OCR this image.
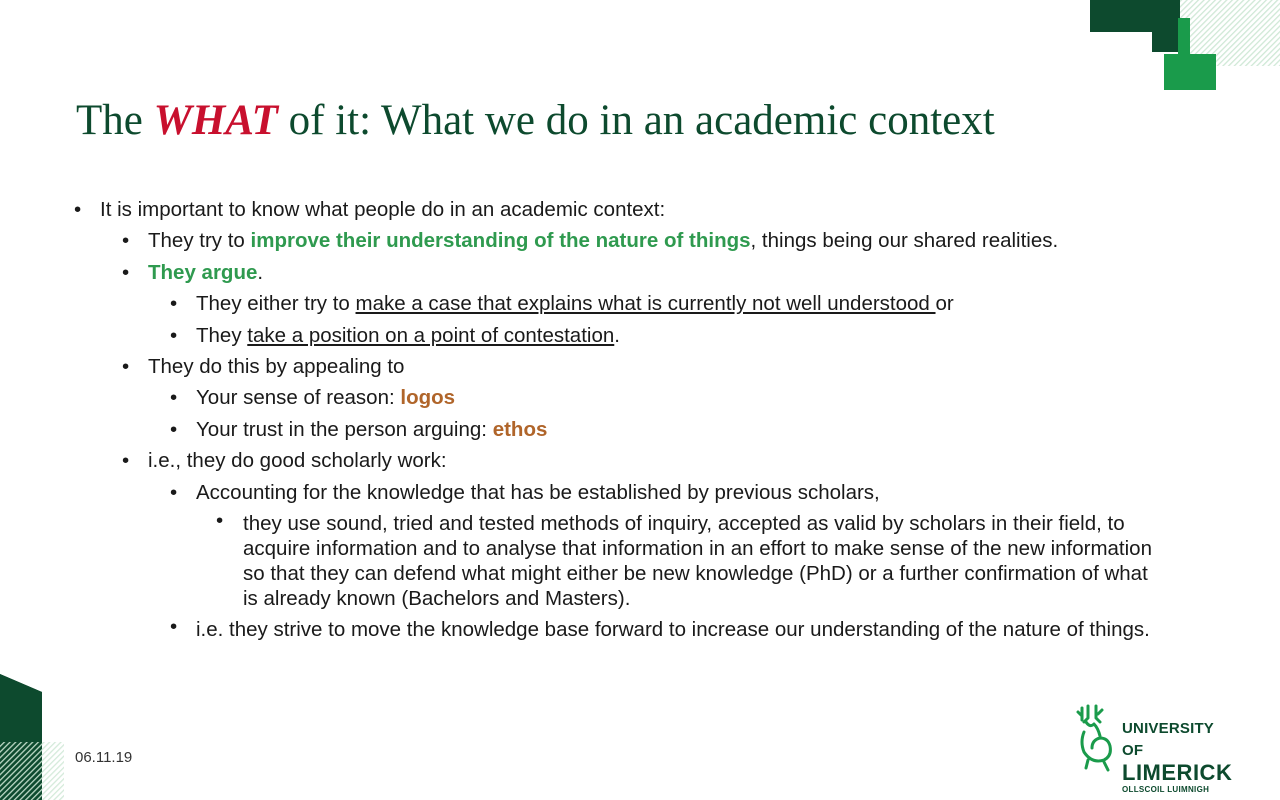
The WHAT of it: What we do in an academic context
• It is important to know what people do in an academic context:
• They try to improve their understanding of the nature of things, things being our shared realities.
• They argue.
• They either try to make a case that explains what is currently not well understood or
• They take a position on a point of contestation.
• They do this by appealing to
• Your sense of reason: logos
• Your trust in the person arguing: ethos
• i.e., they do good scholarly work:
• Accounting for the knowledge that has be established by previous scholars,
• they use sound, tried and tested methods of inquiry, accepted as valid by scholars in their field, to acquire information and to analyse that information in an effort to make sense of the new information so that they can defend what might either be new knowledge (PhD) or a further confirmation of what is already known (Bachelors and Masters).
• i.e. they strive to move the knowledge base forward to increase our understanding of the nature of things.
06.11.19
UNIVERSITY OF
LIMERICK
OLLSCOIL LUIMNIGH
